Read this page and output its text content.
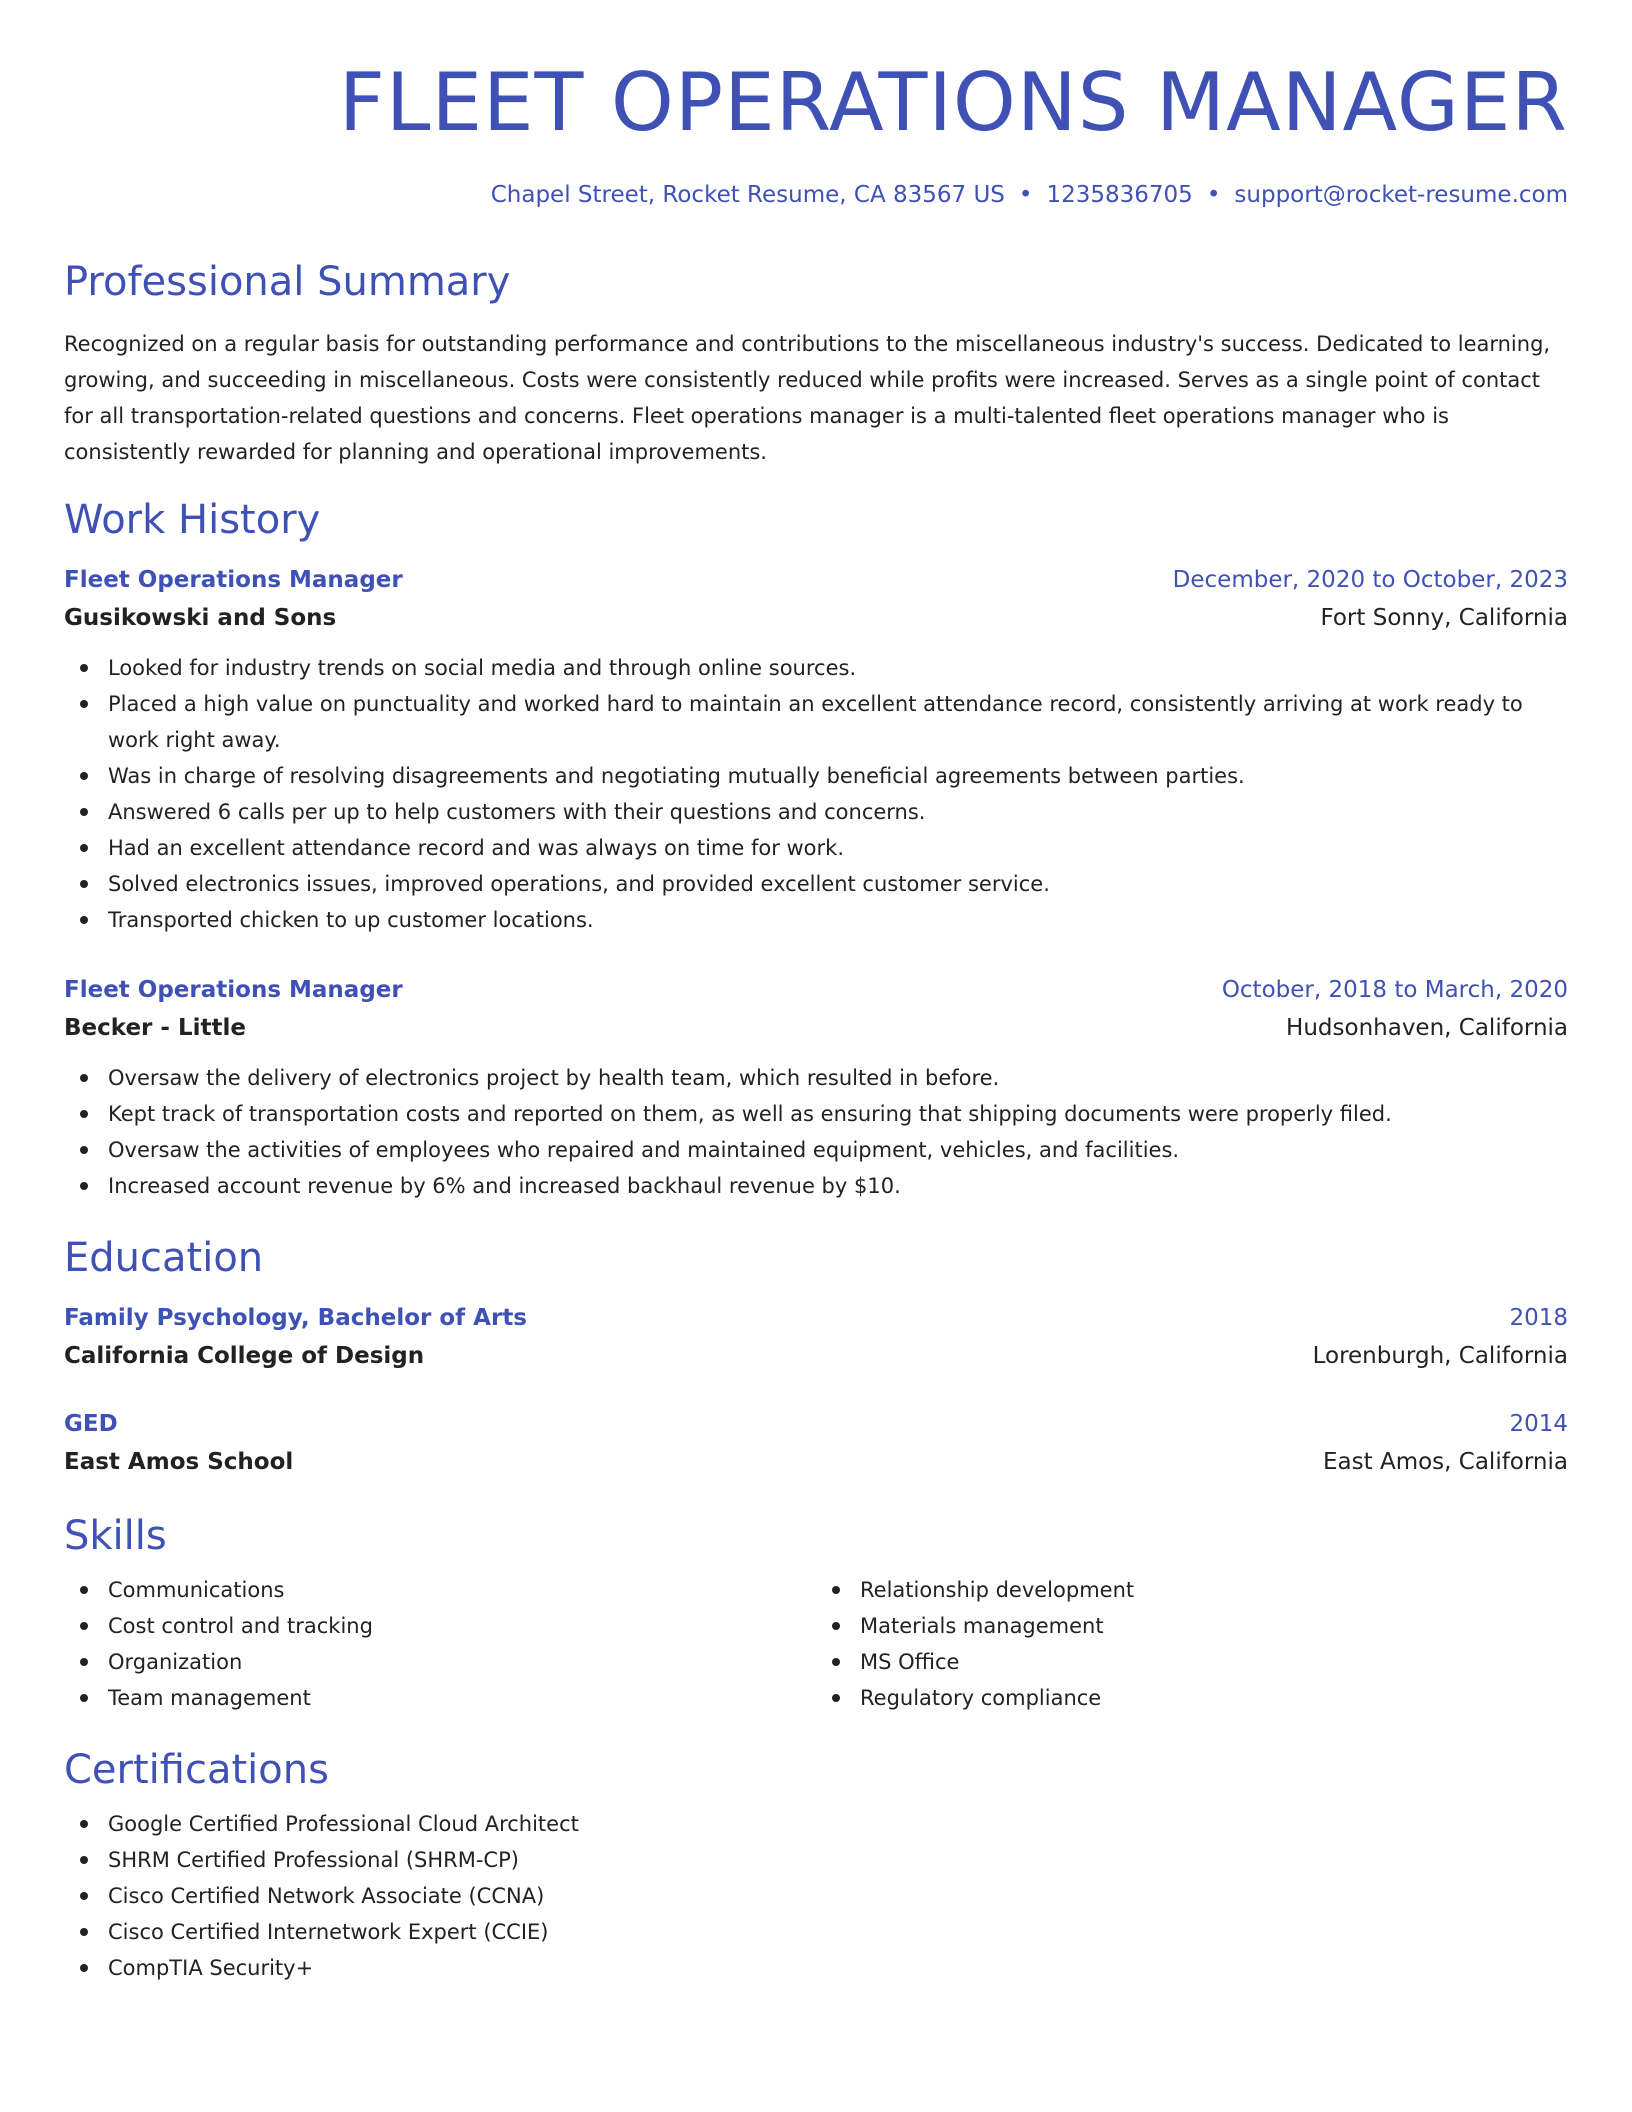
FLEET OPERATIONS MANAGER
Chapel Street, Rocket Resume, CA 83567 US • 1235836705 • support@rocket-resume.com
Professional Summary
Recognized on a regular basis for outstanding performance and contributions to the miscellaneous industry's success. Dedicated to learning, growing, and succeeding in miscellaneous. Costs were consistently reduced while profits were increased. Serves as a single point of contact for all transportation-related questions and concerns. Fleet operations manager is a multi-talented fleet operations manager who is consistently rewarded for planning and operational improvements.
Work History
Fleet Operations Manager	December, 2020 to October, 2023
Gusikowski and Sons	Fort Sonny, California
Looked for industry trends on social media and through online sources.
Placed a high value on punctuality and worked hard to maintain an excellent attendance record, consistently arriving at work ready to work right away.
Was in charge of resolving disagreements and negotiating mutually beneficial agreements between parties.
Answered 6 calls per up to help customers with their questions and concerns.
Had an excellent attendance record and was always on time for work.
Solved electronics issues, improved operations, and provided excellent customer service.
Transported chicken to up customer locations.
Fleet Operations Manager	October, 2018 to March, 2020
Becker - Little	Hudsonhaven, California
Oversaw the delivery of electronics project by health team, which resulted in before.
Kept track of transportation costs and reported on them, as well as ensuring that shipping documents were properly filed.
Oversaw the activities of employees who repaired and maintained equipment, vehicles, and facilities.
Increased account revenue by 6% and increased backhaul revenue by $10.
Education
Family Psychology, Bachelor of Arts	2018
California College of Design	Lorenburgh, California
GED	2014
East Amos School	East Amos, California
Skills
Communications
Cost control and tracking
Organization
Team management
Relationship development
Materials management
MS Office
Regulatory compliance
Certifications
Google Certified Professional Cloud Architect
SHRM Certified Professional (SHRM-CP)
Cisco Certified Network Associate (CCNA)
Cisco Certified Internetwork Expert (CCIE)
CompTIA Security+
